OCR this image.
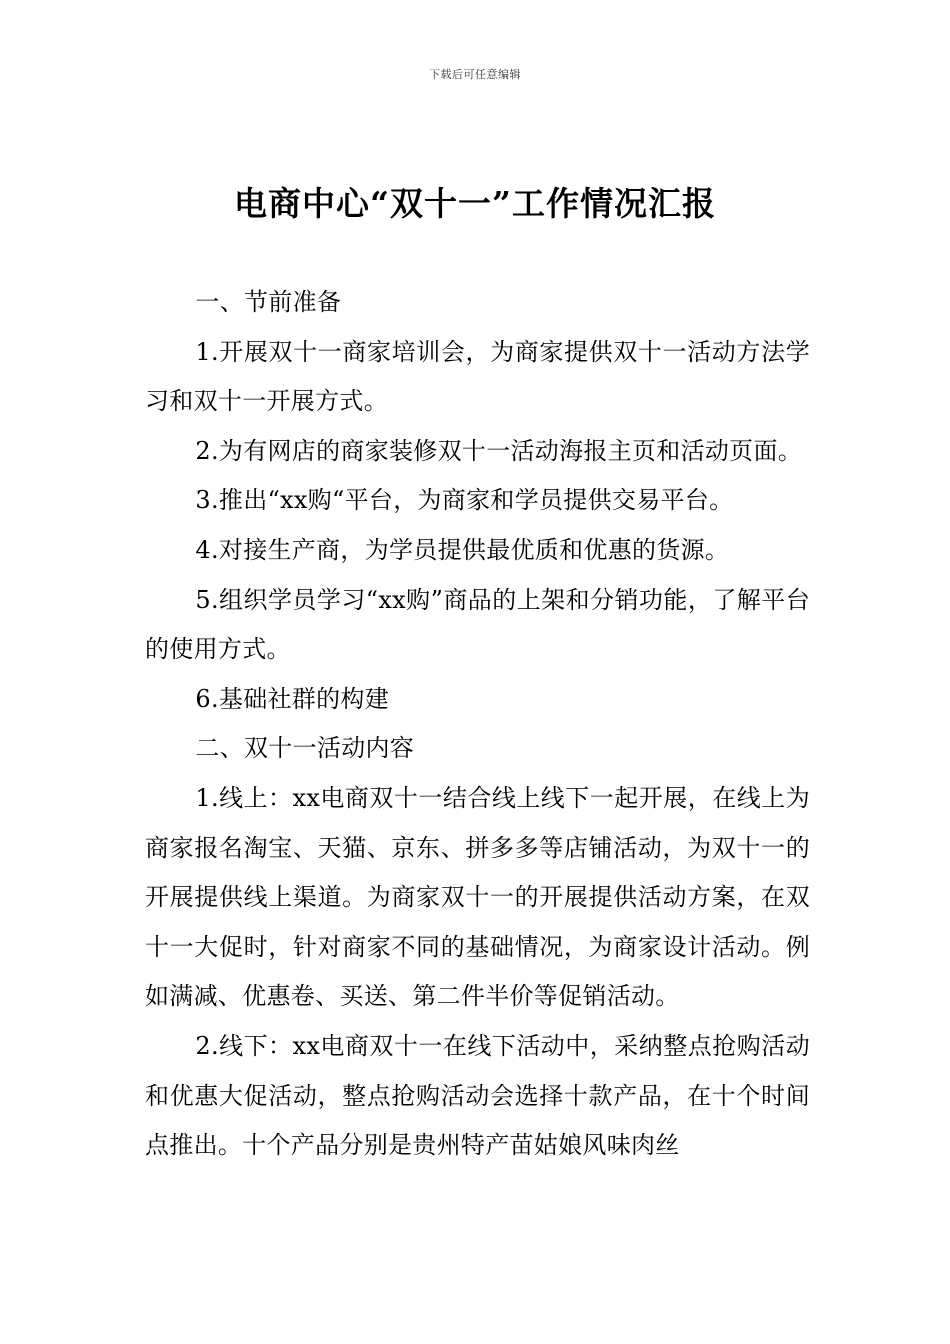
下载后可任意编辑
电商中心“双十一”工作情况汇报

一、节前准备

1.开展双十一商家培训会，为商家提供双十一活动方法学习和双十一开展方式。

2.为有网店的商家装修双十一活动海报主页和活动页面。

3.推出“xx购“平台，为商家和学员提供交易平台。

4.对接生产商，为学员提供最优质和优惠的货源。

5.组织学员学习“xx购”商品的上架和分销功能，了解平台的使用方式。

6.基础社群的构建

二、双十一活动内容

1.线上：xx电商双十一结合线上线下一起开展，在线上为商家报名淘宝、天猫、京东、拼多多等店铺活动，为双十一的开展提供线上渠道。为商家双十一的开展提供活动方案，在双十一大促时，针对商家不同的基础情况，为商家设计活动。例如满减、优惠卷、买送、第二件半价等促销活动。

2.线下：xx电商双十一在线下活动中，采纳整点抢购活动和优惠大促活动，整点抢购活动会选择十款产品，在十个时间点推出。十个产品分别是贵州特产苗姑娘风味肉丝
